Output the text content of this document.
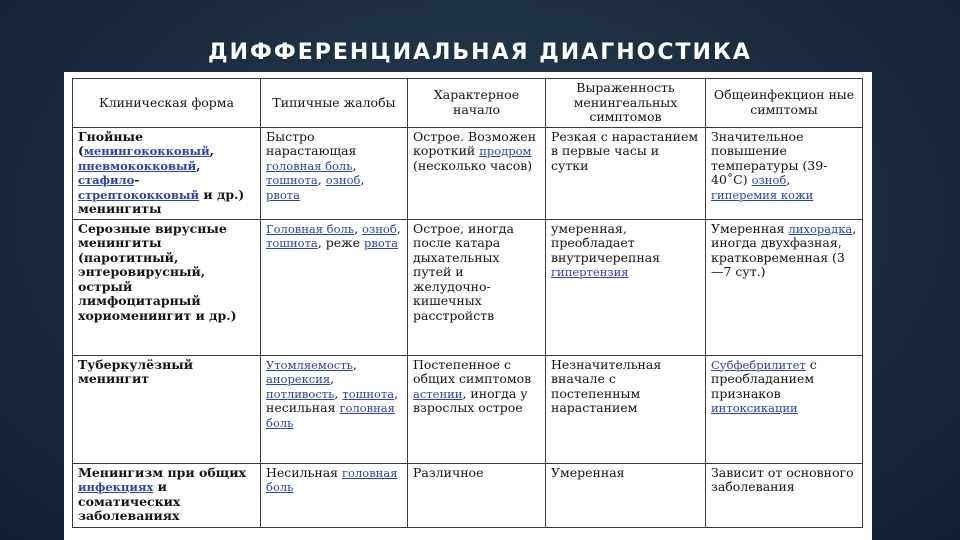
ДИФФЕРЕНЦИАЛЬНАЯ ДИАГНОСТИКА
Клиническая форма	Типичные жалобы	Характерное начало	Выраженность менингеальных симптомов	Общеинфекцион ные симптомы
Гнойные (менингококковый, пневмококковый, стафило-стрептококковый и др.) менингиты	Быстро нарастающая головная боль, тошнота, озноб, рвота	Острое. Возможен короткий продром (несколько часов)	Резкая с нарастанием в первые часы и сутки	Значительное повышение температуры (39-40˚С) озноб, гиперемия кожи
Серозные вирусные менингиты (паротитный, энтеровирусный, острый лимфоцитарный хориоменингит и др.)	Головная боль, озноб, тошнота, реже рвота	Острое, иногда после катара дыхательных путей и желудочно-кишечных расстройств	умеренная, преобладает внутричерепная гипертензия	Умеренная лихорадка, иногда двухфазная, кратковременная (3—7 сут.)
Туберкулёзный менингит	Утомляемость, анорексия, потливость, тошнота, несильная головная боль	Постепенное с общих симптомов астении, иногда у взрослых острое	Незначительная вначале с постепенным нарастанием	Субфебрилитет с преобладанием признаков интоксикации
Менингизм при общих инфекциях и соматических заболеваниях	Несильная головная боль	Различное	Умеренная	Зависит от основного заболевания
